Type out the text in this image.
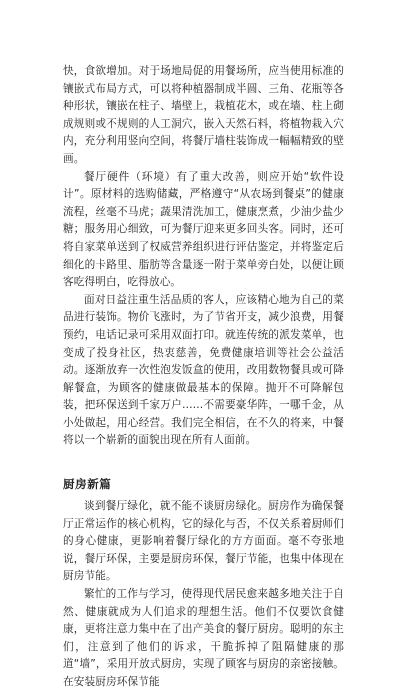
快，食欲增加。对于场地局促的用餐场所，应当使用标准的镶嵌式布局方式，可以将种植器制成半圆、三角、花瓶等各种形状，镶嵌在柱子、墙壁上，栽植花木，或在墙、柱上砌成规则或不规则的人工洞穴，嵌入天然石料，将植物栽入穴内，充分利用竖向空间，将餐厅墙柱装饰成一幅幅精致的壁画。

餐厅硬件（环境）有了重大改善，则应开始“软件设计”。原材料的选购储藏，严格遵守“从农场到餐桌”的健康流程，丝毫不马虎；蔬果清洗加工，健康烹煮，少油少盐少糖；服务用心细致，可为餐厅迎来更多回头客。同时，还可将自家菜单送到了权威营养组织进行评估鉴定，并将鉴定后细化的卡路里、脂肪等含量逐一附于菜单旁白处，以便让顾客吃得明白，吃得放心。

面对日益注重生活品质的客人，应该精心地为自己的菜品进行装饰。物价飞涨时，为了节省开支，减少浪费，用餐预约，电话记录可采用双面打印。就连传统的派发菜单，也变成了投身社区，热衷慈善，免费健康培训等社会公益活动。逐渐放弃一次性泡发饭盒的使用，改用数物餐具或可降解餐盒，为顾客的健康做最基本的保障。抛开不可降解包装，把环保送到千家万户……不需要豪华阵，一哪千金，从小处做起，用心经营。我们完全相信，在不久的将来，中餐将以一个崭新的面貌出现在所有人面前。

厨房新篇

谈到餐厅绿化，就不能不谈厨房绿化。厨房作为确保餐厅正常运作的核心机构，它的绿化与否，不仅关系着厨师们的身心健康，更影响着餐厅绿化的方方面面。毫不夸张地说，餐厅环保，主要是厨房环保，餐厅节能，也集中体现在厨房节能。

繁忙的工作与学习，使得现代居民愈来越多地关注于自然、健康就成为人们追求的理想生活。他们不仅要饮食健康，更将注意力集中在了出产美食的餐厅厨房。聪明的东主们，注意到了他们的诉求，干脆拆掉了阻隔健康的那道“墙”，采用开放式厨房，实现了顾客与厨房的亲密接触。在安装厨房环保节能
